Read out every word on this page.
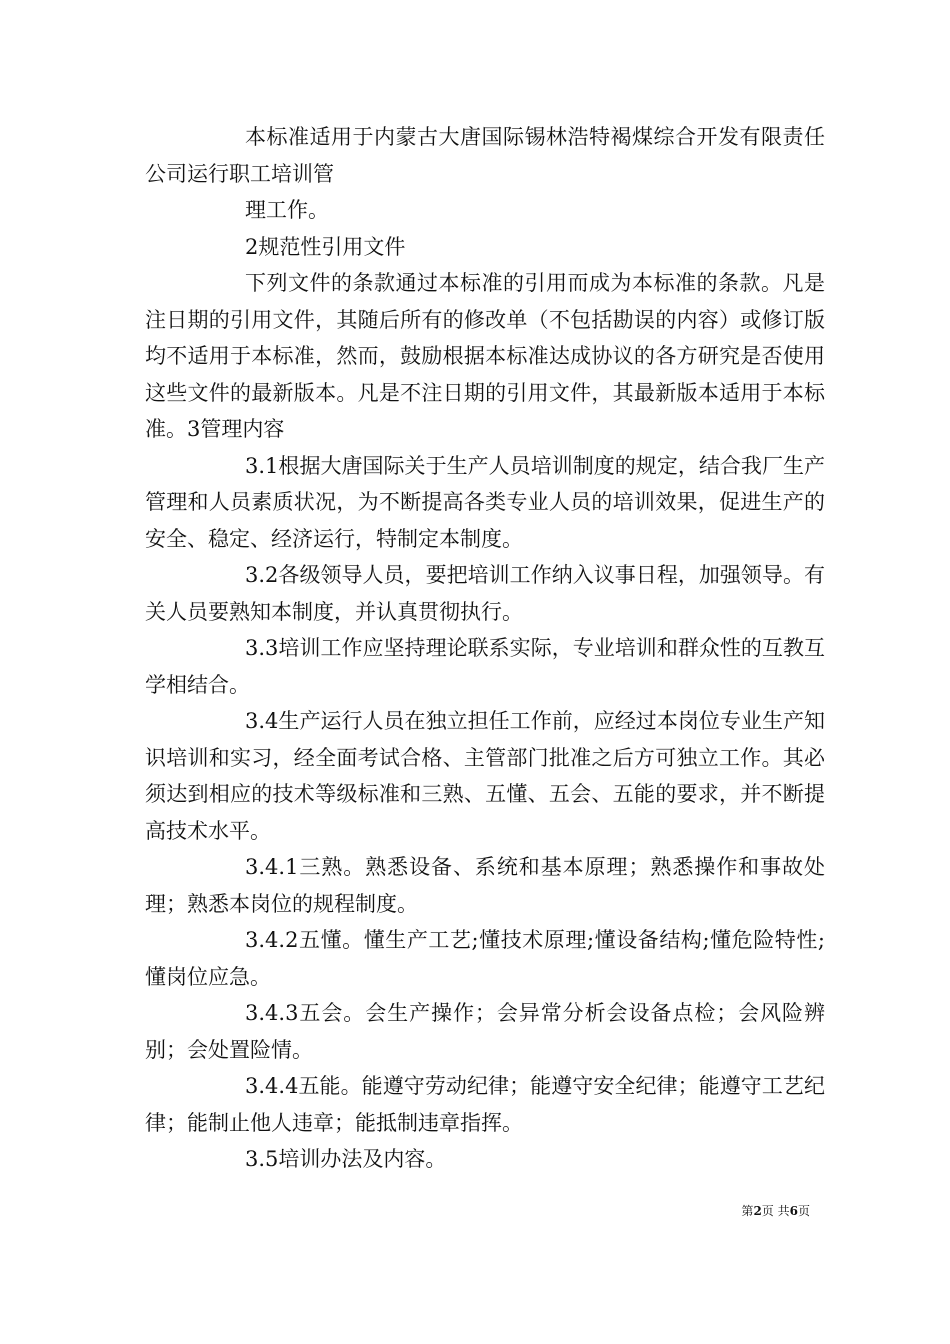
本标准适用于内蒙古大唐国际锡林浩特褐煤综合开发有限责任公司运行职工培训管

理工作。

2规范性引用文件

下列文件的条款通过本标准的引用而成为本标准的条款。凡是注日期的引用文件，其随后所有的修改单（不包括勘误的内容）或修订版均不适用于本标准，然而，鼓励根据本标准达成协议的各方研究是否使用这些文件的最新版本。凡是不注日期的引用文件，其最新版本适用于本标准。3管理内容

3.1根据大唐国际关于生产人员培训制度的规定，结合我厂生产管理和人员素质状况，为不断提高各类专业人员的培训效果，促进生产的安全、稳定、经济运行，特制定本制度。

3.2各级领导人员，要把培训工作纳入议事日程，加强领导。有关人员要熟知本制度，并认真贯彻执行。

3.3培训工作应坚持理论联系实际，专业培训和群众性的互教互学相结合。

3.4生产运行人员在独立担任工作前，应经过本岗位专业生产知识培训和实习，经全面考试合格、主管部门批准之后方可独立工作。其必须达到相应的技术等级标准和三熟、五懂、五会、五能的要求，并不断提高技术水平。

3.4.1三熟。熟悉设备、系统和基本原理；熟悉操作和事故处理；熟悉本岗位的规程制度。

3.4.2五懂。懂生产工艺;懂技术原理;懂设备结构;懂危险特性;懂岗位应急。

3.4.3五会。会生产操作；会异常分析会设备点检；会风险辨别；会处置险情。

3.4.4五能。能遵守劳动纪律；能遵守安全纪律；能遵守工艺纪律；能制止他人违章；能抵制违章指挥。

3.5培训办法及内容。

第2页 共6页
